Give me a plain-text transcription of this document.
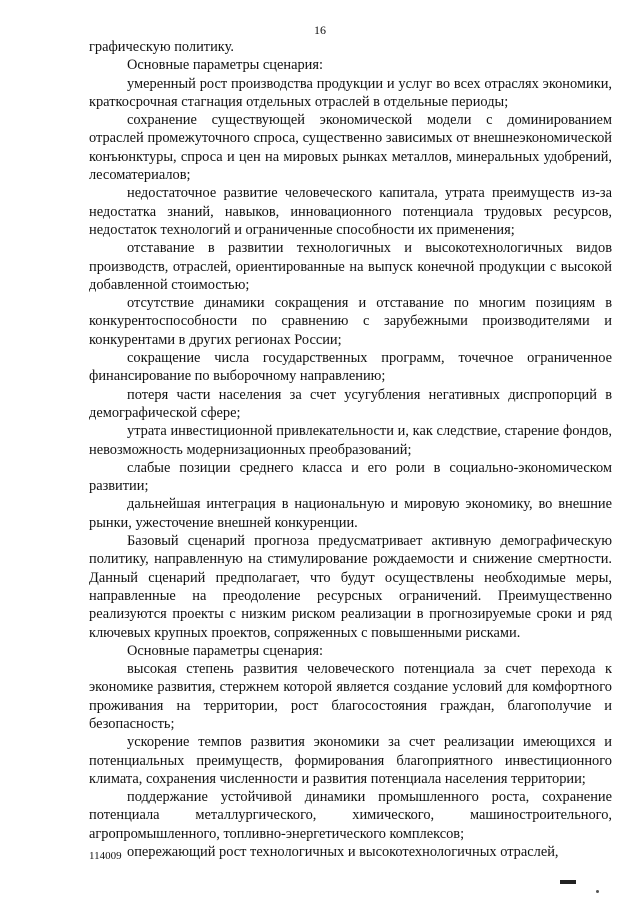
16

графическую политику.

Основные параметры сценария:

умеренный рост производства продукции и услуг во всех отраслях экономики, краткосрочная стагнация отдельных отраслей в отдельные периоды;

сохранение существующей экономической модели с доминированием отраслей промежуточного спроса, существенно зависимых от внешнеэкономической конъюнктуры, спроса и цен на мировых рынках металлов, минеральных удобрений, лесоматериалов;

недостаточное развитие человеческого капитала, утрата преимуществ из-за недостатка знаний, навыков, инновационного потенциала трудовых ресурсов, недостаток технологий и ограниченные способности их применения;

отставание в развитии технологичных и высокотехнологичных видов производств, отраслей, ориентированные на выпуск конечной продукции с высокой добавленной стоимостью;

отсутствие динамики сокращения и отставание по многим позициям в конкурентоспособности по сравнению с зарубежными производителями и конкурентами в других регионах России;

сокращение числа государственных программ, точечное ограниченное финансирование по выборочному направлению;

потеря части населения за счет усугубления негативных диспропорций в демографической сфере;

утрата инвестиционной привлекательности и, как следствие, старение фондов, невозможность модернизационных преобразований;

слабые позиции среднего класса и его роли в социально-экономическом развитии;

дальнейшая интеграция в национальную и мировую экономику, во внешние рынки, ужесточение внешней конкуренции.

Базовый сценарий прогноза предусматривает активную демографическую политику, направленную на стимулирование рождаемости и снижение смертности. Данный сценарий предполагает, что будут осуществлены необходимые меры, направленные на преодоление ресурсных ограничений. Преимущественно реализуются проекты с низким риском реализации в прогнозируемые сроки и ряд ключевых крупных проектов, сопряженных с повышенными рисками.

Основные параметры сценария:

высокая степень развития человеческого потенциала за счет перехода к экономике развития, стержнем которой является создание условий для комфортного проживания на территории, рост благосостояния граждан, благополучие и безопасность;

ускорение темпов развития экономики за счет реализации имеющихся и потенциальных преимуществ, формирования благоприятного инвестиционного климата, сохранения численности и развития потенциала населения территории;

поддержание устойчивой динамики промышленного роста, сохранение потенциала металлургического, химического, машиностроительного, агропромышленного, топливно-энергетического комплексов;

опережающий рост технологичных и высокотехнологичных отраслей,

114009
